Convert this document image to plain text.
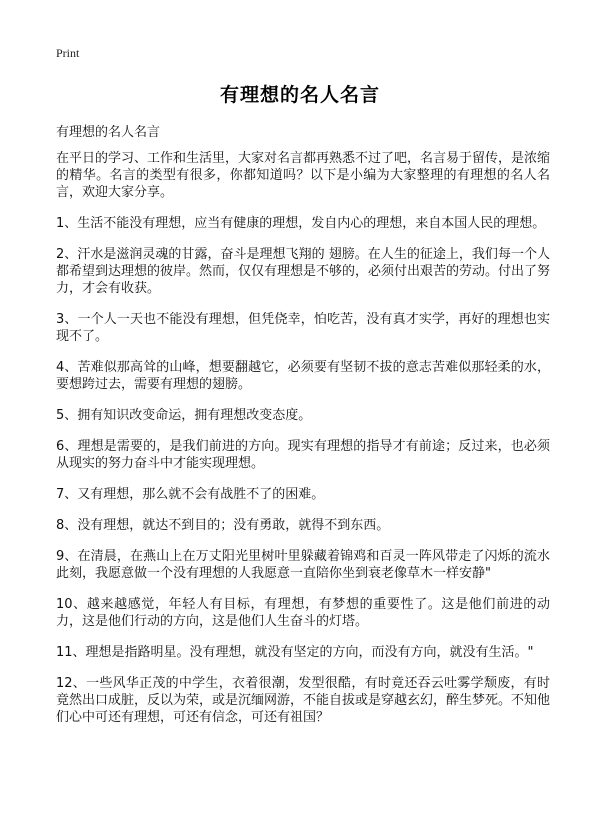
Print
有理想的名人名言

有理想的名人名言

在平日的学习、工作和生活里，大家对名言都再熟悉不过了吧，名言易于留传，是浓缩的精华。名言的类型有很多，你都知道吗？以下是小编为大家整理的有理想的名人名言，欢迎大家分享。

1、生活不能没有理想，应当有健康的理想，发自内心的理想，来自本国人民的理想。

2、汗水是滋润灵魂的甘露，奋斗是理想飞翔的 翅膀。在人生的征途上，我们每一个人都希望到达理想的彼岸。然而，仅仅有理想是不够的，必须付出艰苦的劳动。付出了努力，才会有收获。

3、一个人一天也不能没有理想，但凭侥幸，怕吃苦，没有真才实学，再好的理想也实现不了。

4、苦难似那高耸的山峰，想要翻越它，必须要有坚韧不拔的意志苦难似那轻柔的水，要想跨过去，需要有理想的翅膀。

5、拥有知识改变命运，拥有理想改变态度。

6、理想是需要的，是我们前进的方向。现实有理想的指导才有前途；反过来，也必须从现实的努力奋斗中才能实现理想。

7、又有理想，那么就不会有战胜不了的困难。

8、没有理想，就达不到目的；没有勇敢，就得不到东西。

9、在清晨，在燕山上在万丈阳光里树叶里躲藏着锦鸡和百灵一阵风带走了闪烁的流水此刻，我愿意做一个没有理想的人我愿意一直陪你坐到衰老像草木一样安静"

10、越来越感觉，年轻人有目标，有理想，有梦想的重要性了。这是他们前进的动力，这是他们行动的方向，这是他们人生奋斗的灯塔。

11、理想是指路明星。没有理想，就没有坚定的方向，而没有方向，就没有生活。"

12、一些风华正茂的中学生，衣着很潮，发型很酷，有时竟还吞云吐雾学颓废，有时竟然出口成脏，反以为荣，或是沉缅网游，不能自拔或是穿越玄幻，醉生梦死。不知他们心中可还有理想，可还有信念，可还有祖国？
